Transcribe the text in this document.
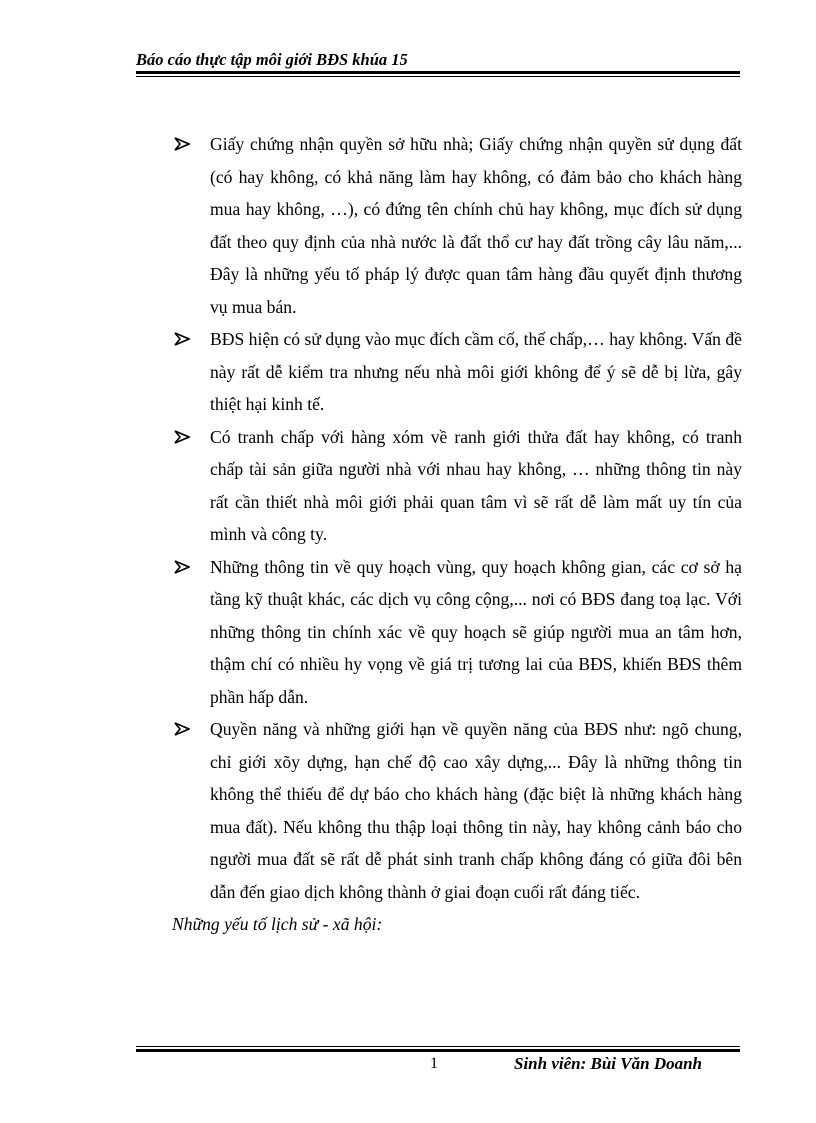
Báo cáo thực tập môi giới BĐS khúa 15
Giấy chứng nhận quyền sở hữu nhà; Giấy chứng nhận quyền sử dụng đất (có hay không, có khả năng làm hay không, có đảm bảo cho khách hàng mua hay không, …), có đứng tên chính chủ hay không, mục đích sử dụng đất theo quy định của nhà nước là đất thổ cư hay đất trồng cây lâu năm,... Đây là những yếu tố pháp lý được quan tâm hàng đầu quyết định thương vụ mua bán.
BĐS hiện có sử dụng vào mục đích cầm cố, thế chấp,… hay không. Vấn đề này rất dễ kiểm tra nhưng nếu nhà môi giới không để ý sẽ dễ bị lừa, gây thiệt hại kinh tế.
Có tranh chấp với hàng xóm về ranh giới thửa đất hay không, có tranh chấp tài sản giữa người nhà với nhau hay không, … những thông tin này rất cần thiết nhà môi giới phải quan tâm vì sẽ rất dễ làm mất uy tín của mình và công ty.
Những thông tin về quy hoạch vùng, quy hoạch không gian, các cơ sở hạ tầng kỹ thuật khác, các dịch vụ công cộng,... nơi có BĐS đang toạ lạc. Với những thông tin chính xác về quy hoạch sẽ giúp người mua an tâm hơn, thậm chí có nhiều hy vọng về giá trị tương lai của BĐS, khiến BĐS thêm phần hấp dẫn.
Quyền năng và những giới hạn về quyền năng của BĐS như: ngõ chung, chỉ giới xõy dựng, hạn chế độ cao xây dựng,... Đây là những thông tin không thể thiếu để dự báo cho khách hàng (đặc biệt là những khách hàng mua đất). Nếu không thu thập loại thông tin này, hay không cảnh báo cho người mua đất sẽ rất dễ phát sinh tranh chấp không đáng có giữa đôi bên dẫn đến giao dịch không thành ở giai đoạn cuối rất đáng tiếc.
Những yếu tố lịch sử - xã hội:
1	Sinh viên: Bùi Văn Doanh
